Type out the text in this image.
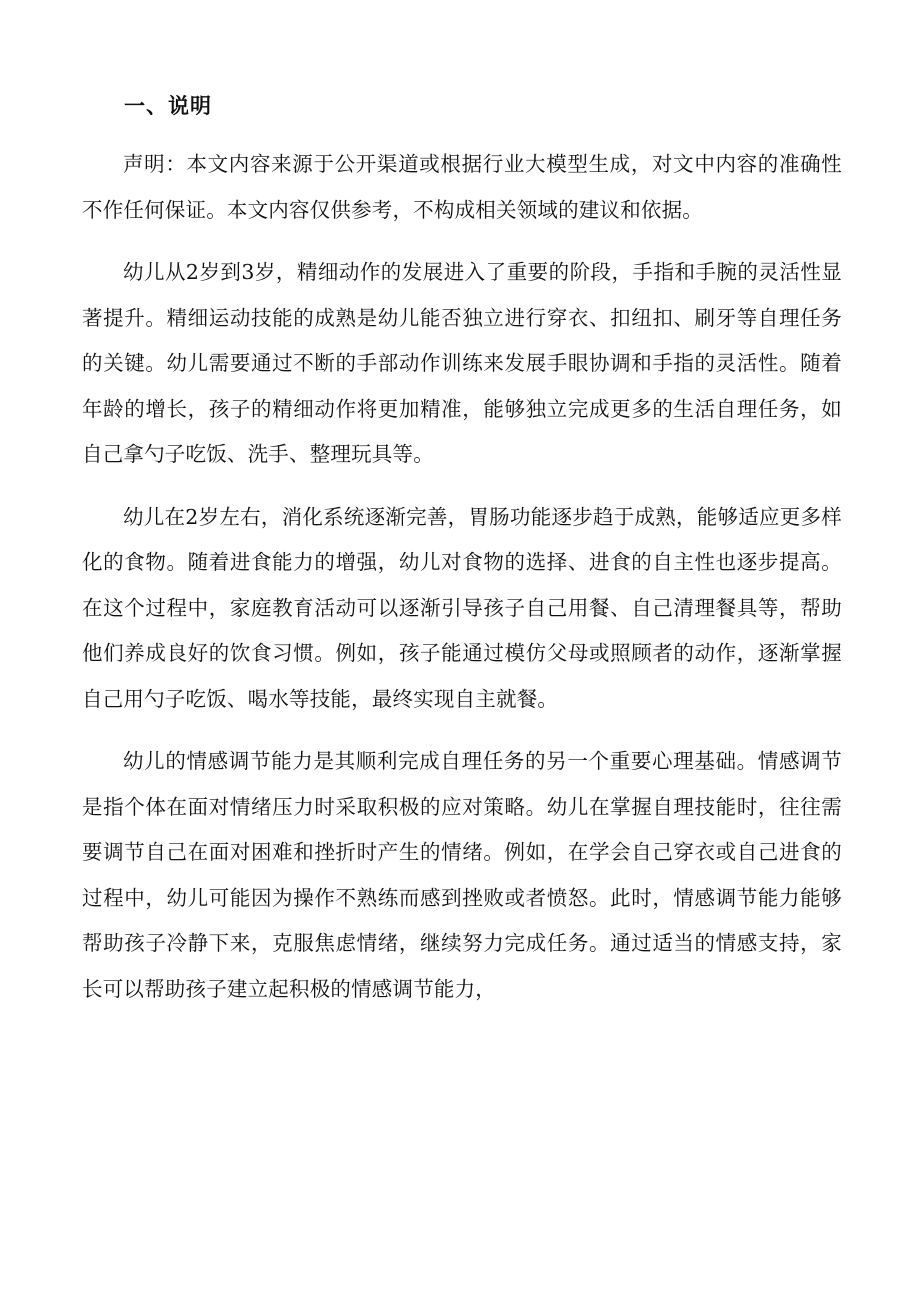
一、说明

声明：本文内容来源于公开渠道或根据行业大模型生成，对文中内容的准确性不作任何保证。本文内容仅供参考，不构成相关领域的建议和依据。

幼儿从2岁到3岁，精细动作的发展进入了重要的阶段，手指和手腕的灵活性显著提升。精细运动技能的成熟是幼儿能否独立进行穿衣、扣纽扣、刷牙等自理任务的关键。幼儿需要通过不断的手部动作训练来发展手眼协调和手指的灵活性。随着年龄的增长，孩子的精细动作将更加精准，能够独立完成更多的生活自理任务，如自己拿勺子吃饭、洗手、整理玩具等。

幼儿在2岁左右，消化系统逐渐完善，胃肠功能逐步趋于成熟，能够适应更多样化的食物。随着进食能力的增强，幼儿对食物的选择、进食的自主性也逐步提高。在这个过程中，家庭教育活动可以逐渐引导孩子自己用餐、自己清理餐具等，帮助他们养成良好的饮食习惯。例如，孩子能通过模仿父母或照顾者的动作，逐渐掌握自己用勺子吃饭、喝水等技能，最终实现自主就餐。

幼儿的情感调节能力是其顺利完成自理任务的另一个重要心理基础。情感调节是指个体在面对情绪压力时采取积极的应对策略。幼儿在掌握自理技能时，往往需要调节自己在面对困难和挫折时产生的情绪。例如，在学会自己穿衣或自己进食的过程中，幼儿可能因为操作不熟练而感到挫败或者愤怒。此时，情感调节能力能够帮助孩子冷静下来，克服焦虑情绪，继续努力完成任务。通过适当的情感支持，家长可以帮助孩子建立起积极的情感调节能力，
